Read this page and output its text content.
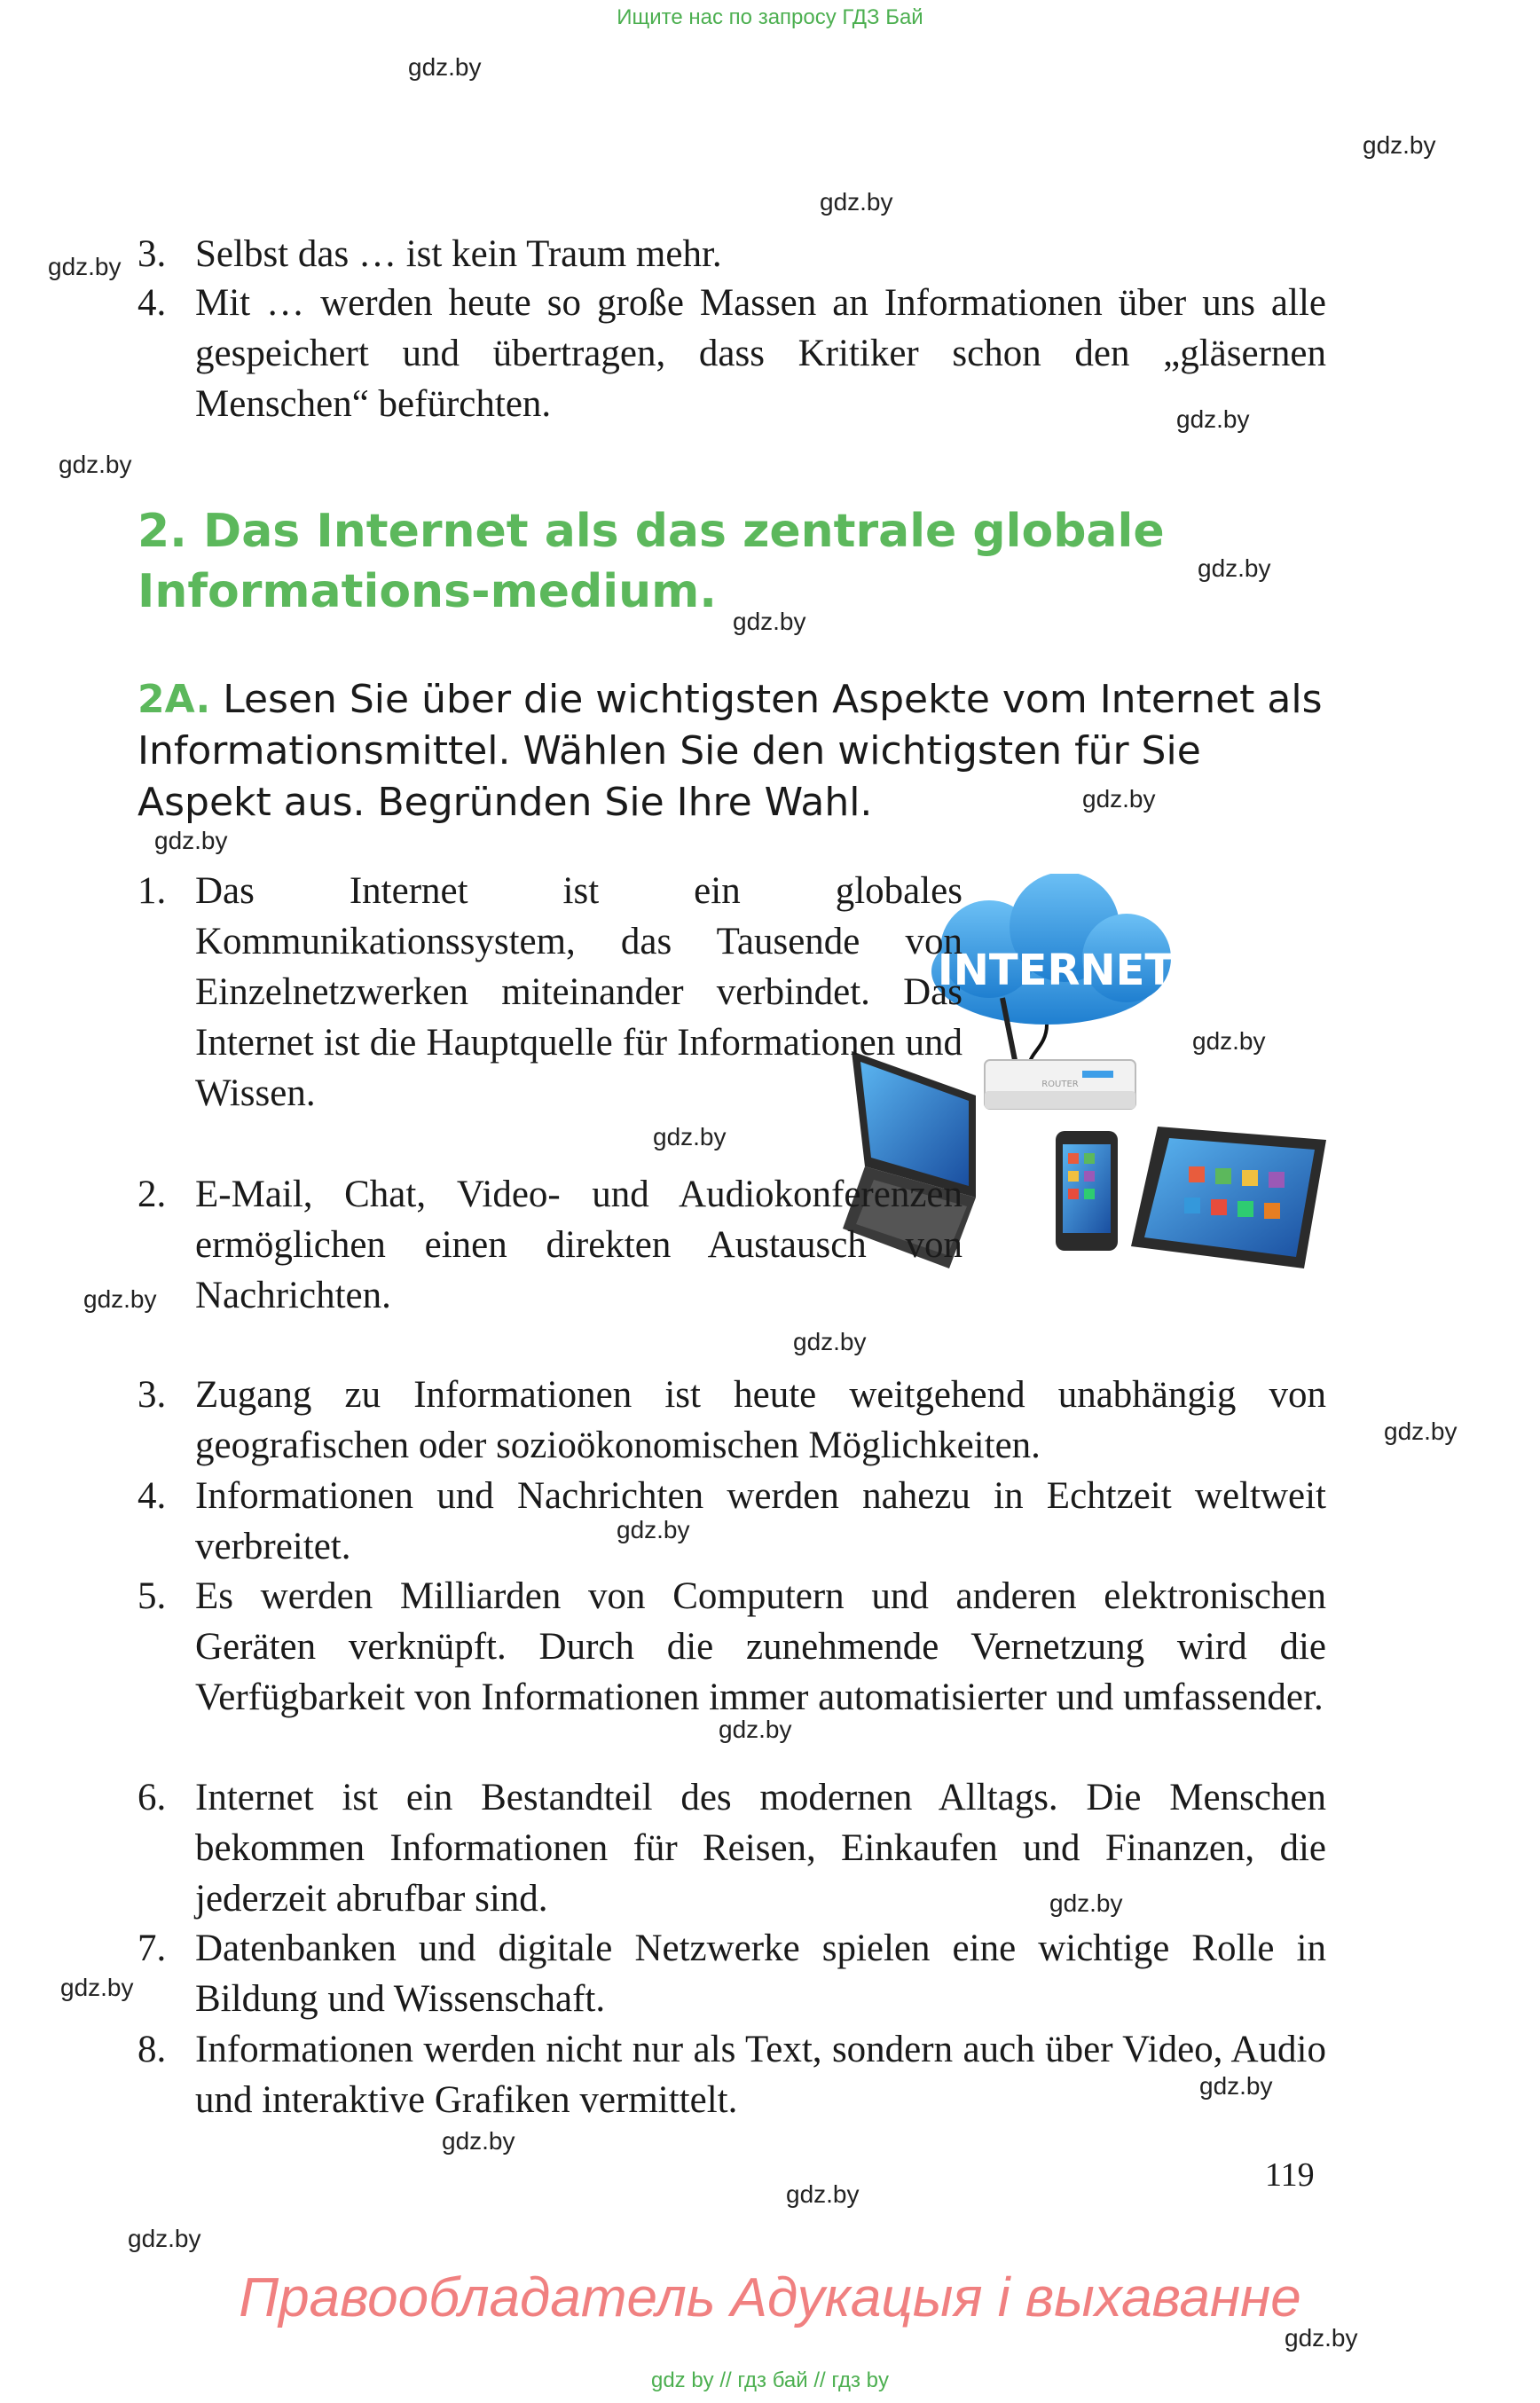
Ищите нас по запросу ГДЗ Бай
gdz.by
gdz.by
gdz.by
gdz.by
gdz.by
gdz.by
gdz.by
gdz.by
gdz.by
gdz.by
gdz.by
gdz.by
gdz.by
gdz.by
gdz.by
gdz.by
gdz.by
gdz.by
gdz.by
gdz.by
gdz.by
gdz.by
gdz.by
gdz.by
3. Selbst das … ist kein Traum mehr.
4. Mit … werden heute so große Massen an Informationen über uns alle gespeichert und übertragen, dass Kritiker schon den „gläsernen Menschen“ befürchten.
2. Das Internet als das zentrale globale Informations-medium.
2A. Lesen Sie über die wichtigsten Aspekte vom Internet als Informationsmittel. Wählen Sie den wichtigsten für Sie Aspekt aus. Begründen Sie Ihre Wahl.
INTERNET
ROUTER
1. Das Internet ist ein globales Kommunikationssystem, das Tausende von Einzelnetzwerken miteinander verbindet. Das Internet ist die Hauptquelle für Informationen und Wissen.
2. E-Mail, Chat, Video- und Audiokonferenzen ermöglichen einen direkten Austausch von Nachrichten.
3. Zugang zu Informationen ist heute weitgehend unabhängig von geografischen oder sozioökonomischen Möglichkeiten.
4. Informationen und Nachrichten werden nahezu in Echtzeit weltweit verbreitet.
5. Es werden Milliarden von Computern und anderen elektronischen Geräten verknüpft. Durch die zunehmende Vernetzung wird die Verfügbarkeit von Informationen immer automatisierter und umfassender.
6. Internet ist ein Bestandteil des modernen Alltags. Die Menschen bekommen Informationen für Reisen, Einkaufen und Finanzen, die jederzeit abrufbar sind.
7. Datenbanken und digitale Netzwerke spielen eine wichtige Rolle in Bildung und Wissenschaft.
8. Informationen werden nicht nur als Text, sondern auch über Video, Audio und interaktive Grafiken vermittelt.
119
Правообладатель Адукацыя і выхаванне
gdz by // гдз бай // гдз by
